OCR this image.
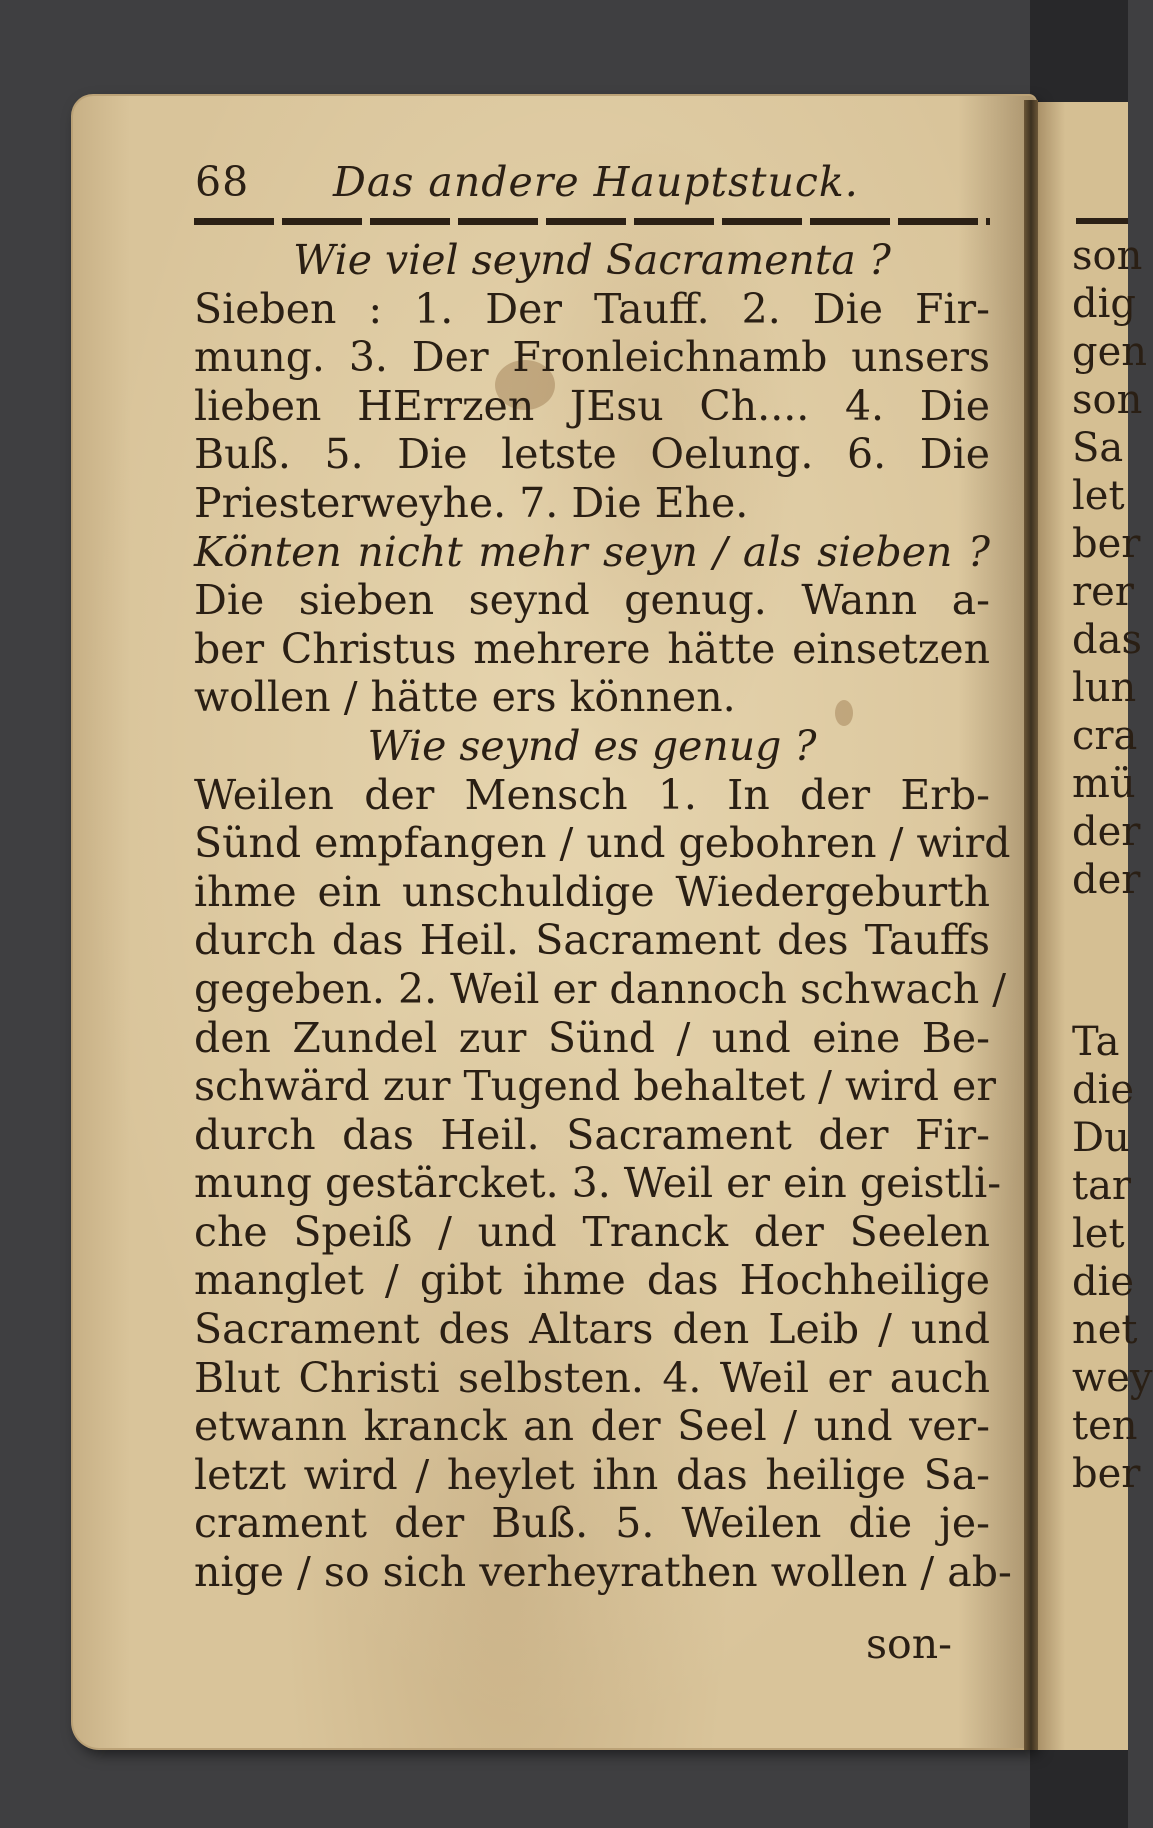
son
dig
gen
son
Sa
let
ber
rer
das
lun
cra
mü
der
der
Ta
die
Du
tar
let
die
net
wey
ten
ber
68 Das andere Hauptstuck.
Wie viel seynd Sacramenta ?
Sieben : 1. Der Tauff. 2. Die Fir-
mung. 3. Der Fronleichnamb unsers
lieben HErrzen JEsu Ch.... 4. Die
Buß. 5. Die letste Oelung. 6. Die
Priesterweyhe. 7. Die Ehe.
Könten nicht mehr seyn / als sieben ?
Die sieben seynd genug. Wann a-
ber Christus mehrere hätte einsetzen
wollen / hätte ers können.
Wie seynd es genug ?
Weilen der Mensch 1. In der Erb-
Sünd empfangen / und gebohren / wird
ihme ein unschuldige Wiedergeburth
durch das Heil. Sacrament des Tauffs
gegeben. 2. Weil er dannoch schwach /
den Zundel zur Sünd / und eine Be-
schwärd zur Tugend behaltet / wird er
durch das Heil. Sacrament der Fir-
mung gestärcket. 3. Weil er ein geistli-
che Speiß / und Tranck der Seelen
manglet / gibt ihme das Hochheilige
Sacrament des Altars den Leib / und
Blut Christi selbsten. 4. Weil er auch
etwann kranck an der Seel / und ver-
letzt wird / heylet ihn das heilige Sa-
crament der Buß. 5. Weilen die je-
nige / so sich verheyrathen wollen / ab-
son-
